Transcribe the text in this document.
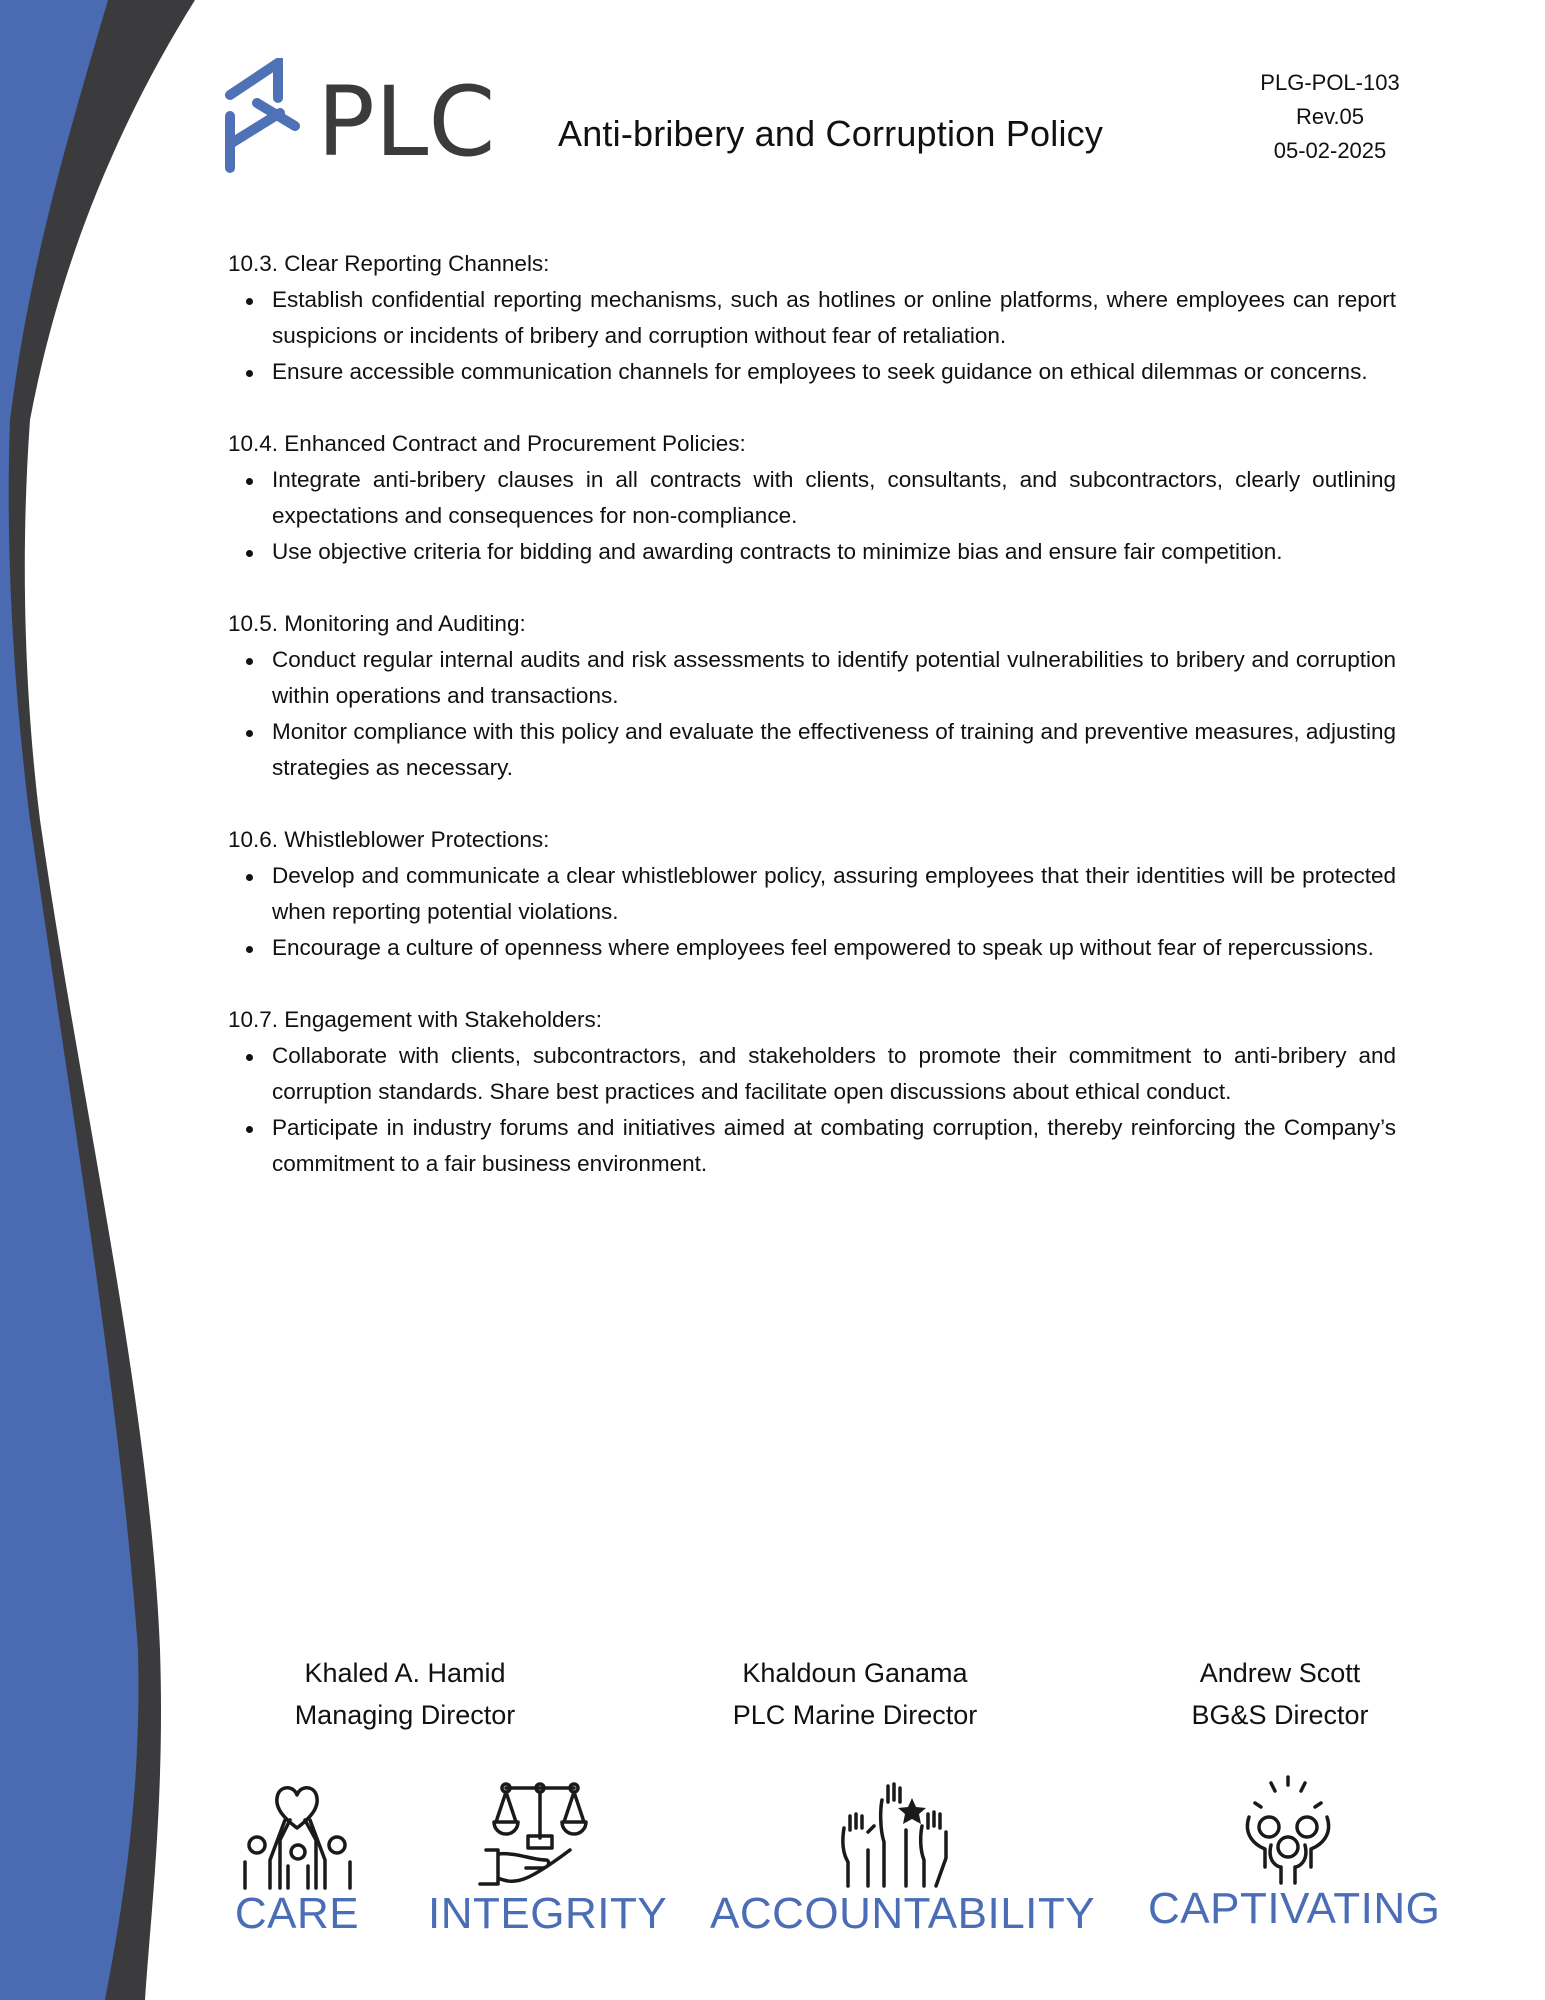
PLC Anti-bribery and Corruption Policy
PLG-POL-103
Rev.05
05-02-2025
10.3. Clear Reporting Channels:
Establish confidential reporting mechanisms, such as hotlines or online platforms, where employees can report suspicions or incidents of bribery and corruption without fear of retaliation.
Ensure accessible communication channels for employees to seek guidance on ethical dilemmas or concerns.
10.4. Enhanced Contract and Procurement Policies:
Integrate anti-bribery clauses in all contracts with clients, consultants, and subcontractors, clearly outlining expectations and consequences for non-compliance.
Use objective criteria for bidding and awarding contracts to minimize bias and ensure fair competition.
10.5. Monitoring and Auditing:
Conduct regular internal audits and risk assessments to identify potential vulnerabilities to bribery and corruption within operations and transactions.
Monitor compliance with this policy and evaluate the effectiveness of training and preventive measures, adjusting strategies as necessary.
10.6. Whistleblower Protections:
Develop and communicate a clear whistleblower policy, assuring employees that their identities will be protected when reporting potential violations.
Encourage a culture of openness where employees feel empowered to speak up without fear of repercussions.
10.7. Engagement with Stakeholders:
Collaborate with clients, subcontractors, and stakeholders to promote their commitment to anti-bribery and corruption standards. Share best practices and facilitate open discussions about ethical conduct.
Participate in industry forums and initiatives aimed at combating corruption, thereby reinforcing the Company’s commitment to a fair business environment.
Khaled A. Hamid
Managing Director
Khaldoun Ganama
PLC Marine Director
Andrew Scott
BG&S Director
CARE INTEGRITY ACCOUNTABILITY CAPTIVATING
